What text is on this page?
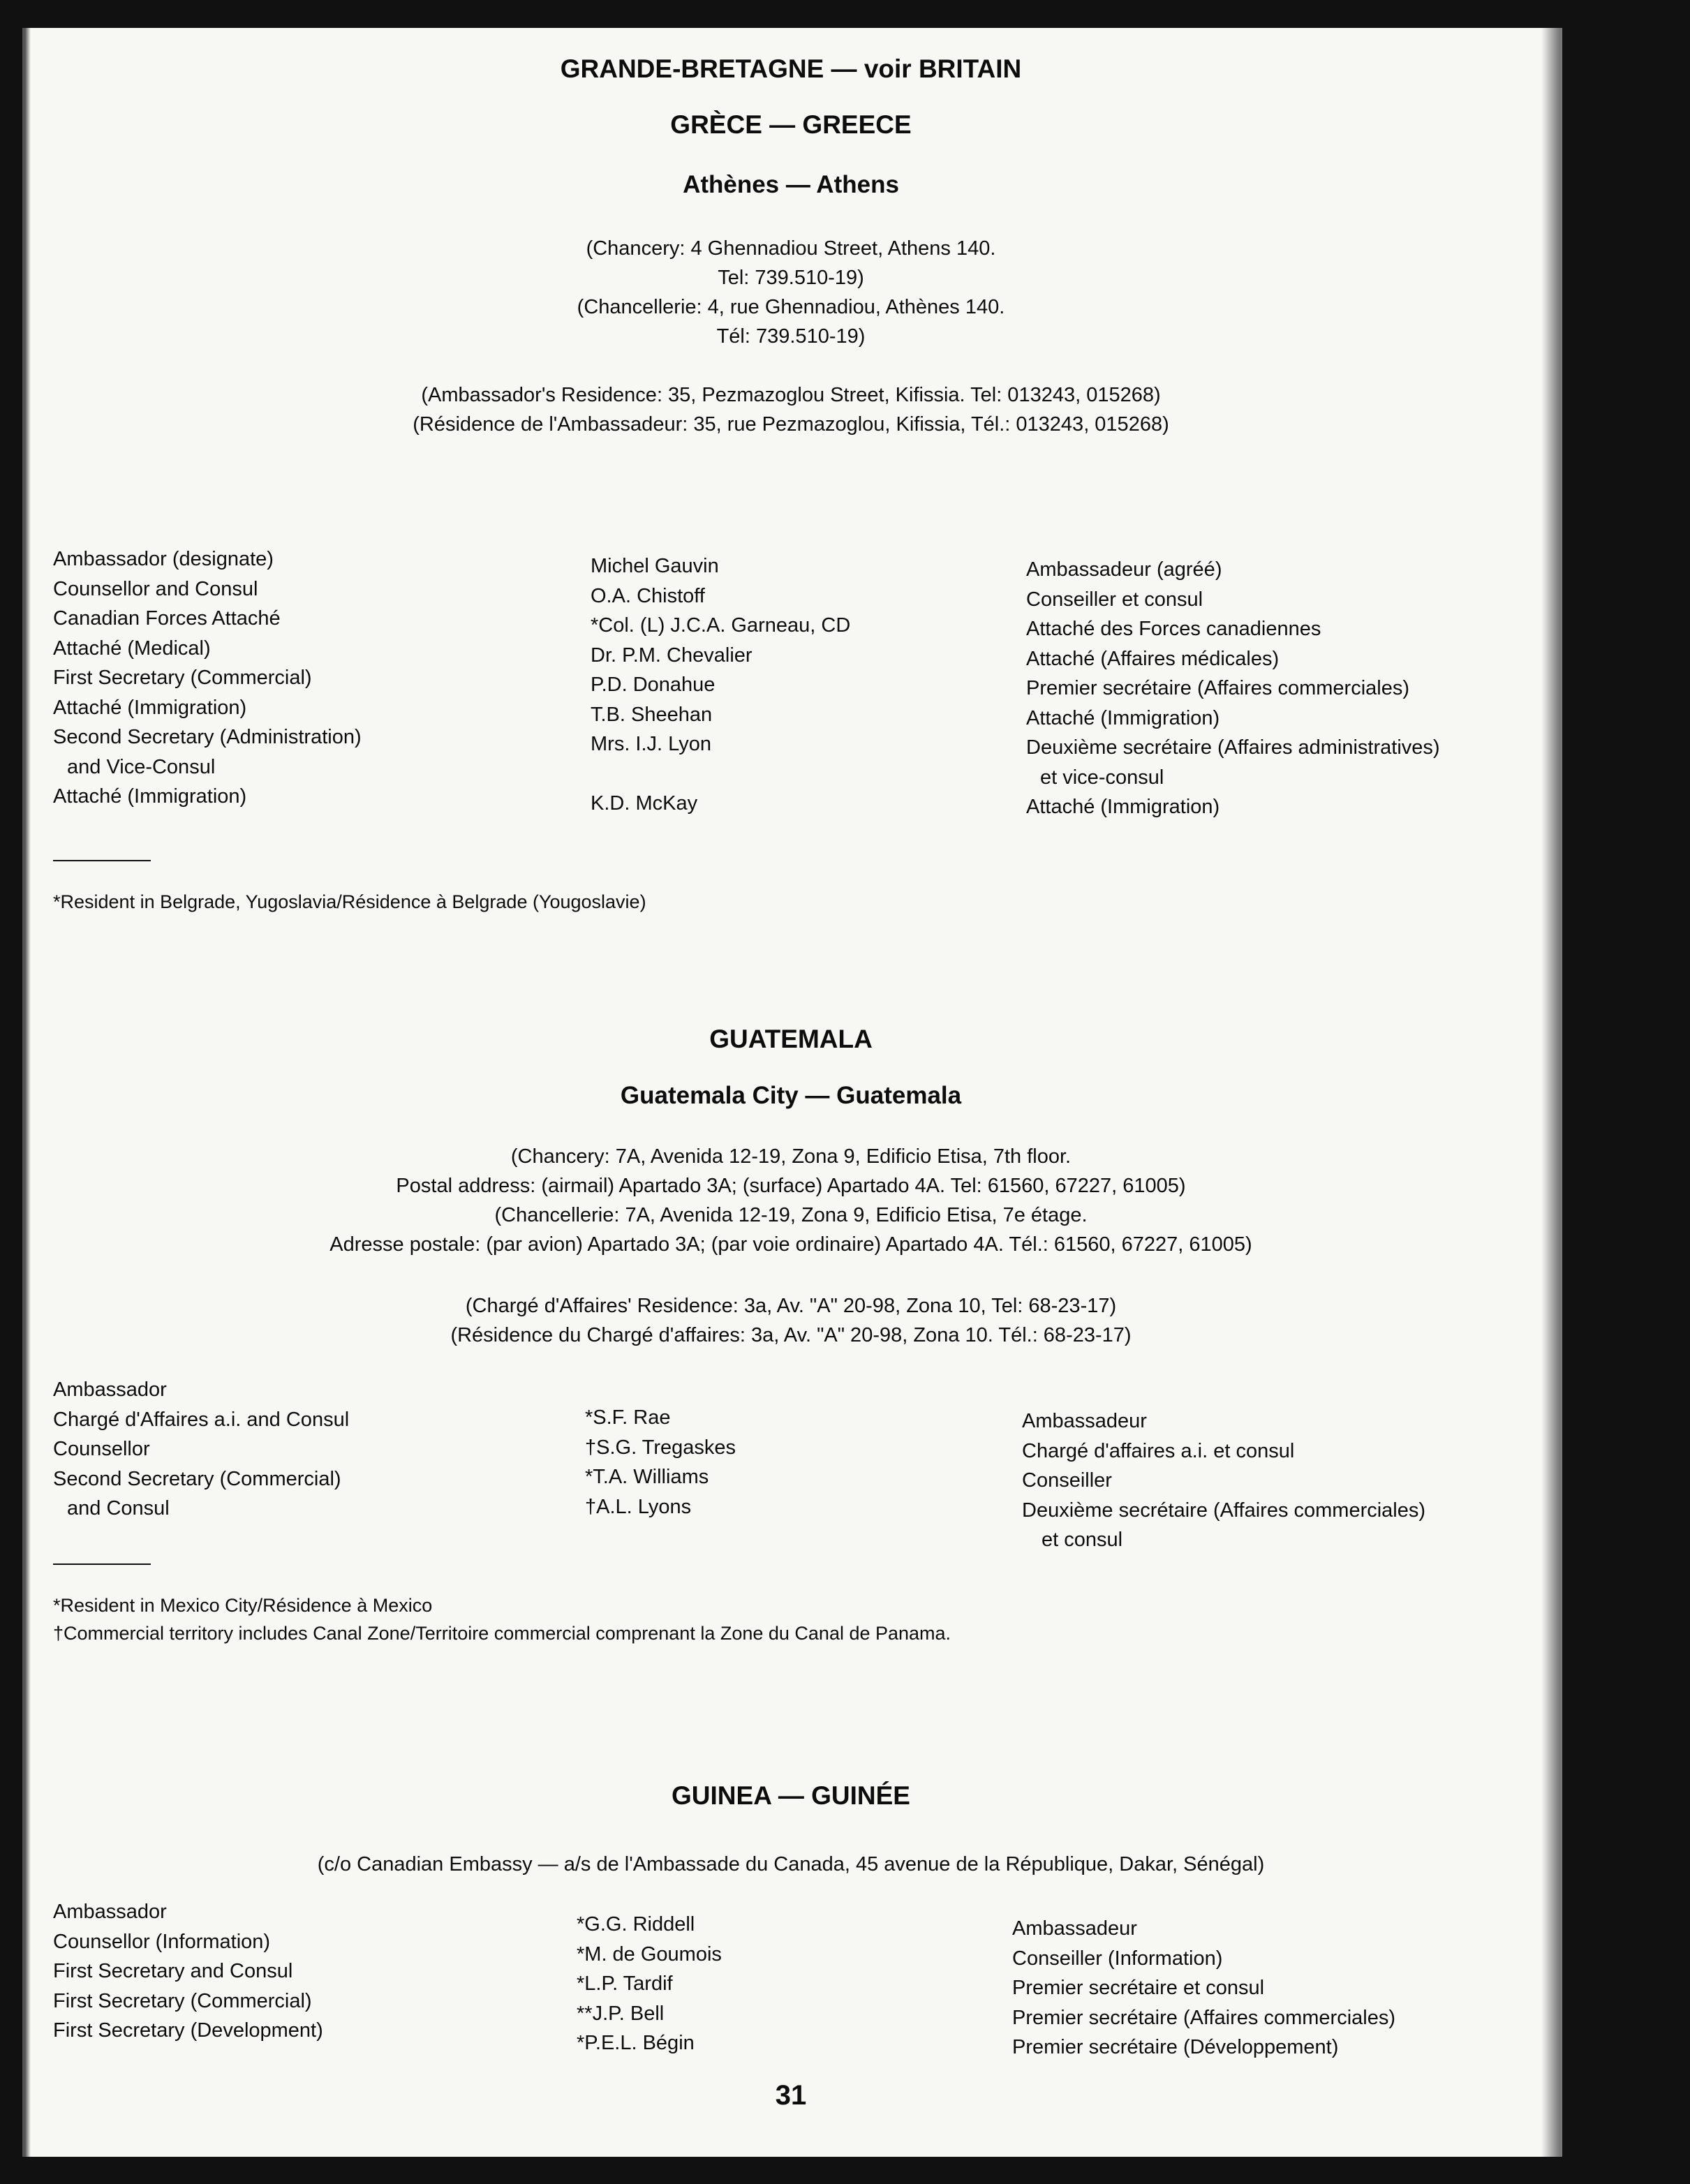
GRANDE-BRETAGNE — voir BRITAIN
GRÈCE — GREECE
Athènes — Athens
(Chancery: 4 Ghennadiou Street, Athens 140.
Tel: 739.510-19)
(Chancellerie: 4, rue Ghennadiou, Athènes 140.
Tél: 739.510-19)
(Ambassador's Residence: 35, Pezmazoglou Street, Kifissia. Tel: 013243, 015268)
(Résidence de l'Ambassadeur: 35, rue Pezmazoglou, Kifissia, Tél.: 013243, 015268)
Ambassador (designate)
Counsellor and Consul
Canadian Forces Attaché
Attaché (Medical)
First Secretary (Commercial)
Attaché (Immigration)
Second Secretary (Administration)
and Vice-Consul
Attaché (Immigration)
Michel Gauvin
O.A. Chistoff
*Col. (L) J.C.A. Garneau, CD
Dr. P.M. Chevalier
P.D. Donahue
T.B. Sheehan
Mrs. I.J. Lyon
K.D. McKay
Ambassadeur (agréé)
Conseiller et consul
Attaché des Forces canadiennes
Attaché (Affaires médicales)
Premier secrétaire (Affaires commerciales)
Attaché (Immigration)
Deuxième secrétaire (Affaires administratives)
et vice-consul
Attaché (Immigration)
*Resident in Belgrade, Yugoslavia/Résidence à Belgrade (Yougoslavie)
GUATEMALA
Guatemala City — Guatemala
(Chancery: 7A, Avenida 12-19, Zona 9, Edificio Etisa, 7th floor.
Postal address: (airmail) Apartado 3A; (surface) Apartado 4A. Tel: 61560, 67227, 61005)
(Chancellerie: 7A, Avenida 12-19, Zona 9, Edificio Etisa, 7e étage.
Adresse postale: (par avion) Apartado 3A; (par voie ordinaire) Apartado 4A. Tél.: 61560, 67227, 61005)
(Chargé d'Affaires' Residence: 3a, Av. "A" 20-98, Zona 10, Tel: 68-23-17)
(Résidence du Chargé d'affaires: 3a, Av. "A" 20-98, Zona 10. Tél.: 68-23-17)
Ambassador
Chargé d'Affaires a.i. and Consul
Counsellor
Second Secretary (Commercial)
and Consul
*S.F. Rae
†S.G. Tregaskes
*T.A. Williams
†A.L. Lyons
Ambassadeur
Chargé d'affaires a.i. et consul
Conseiller
Deuxième secrétaire (Affaires commerciales)
et consul
*Resident in Mexico City/Résidence à Mexico
†Commercial territory includes Canal Zone/Territoire commercial comprenant la Zone du Canal de Panama.
GUINEA — GUINÉE
(c/o Canadian Embassy — a/s de l'Ambassade du Canada, 45 avenue de la République, Dakar, Sénégal)
Ambassador
Counsellor (Information)
First Secretary and Consul
First Secretary (Commercial)
First Secretary (Development)
*G.G. Riddell
*M. de Goumois
*L.P. Tardif
**J.P. Bell
*P.E.L. Bégin
Ambassadeur
Conseiller (Information)
Premier secrétaire et consul
Premier secrétaire (Affaires commerciales)
Premier secrétaire (Développement)
31
